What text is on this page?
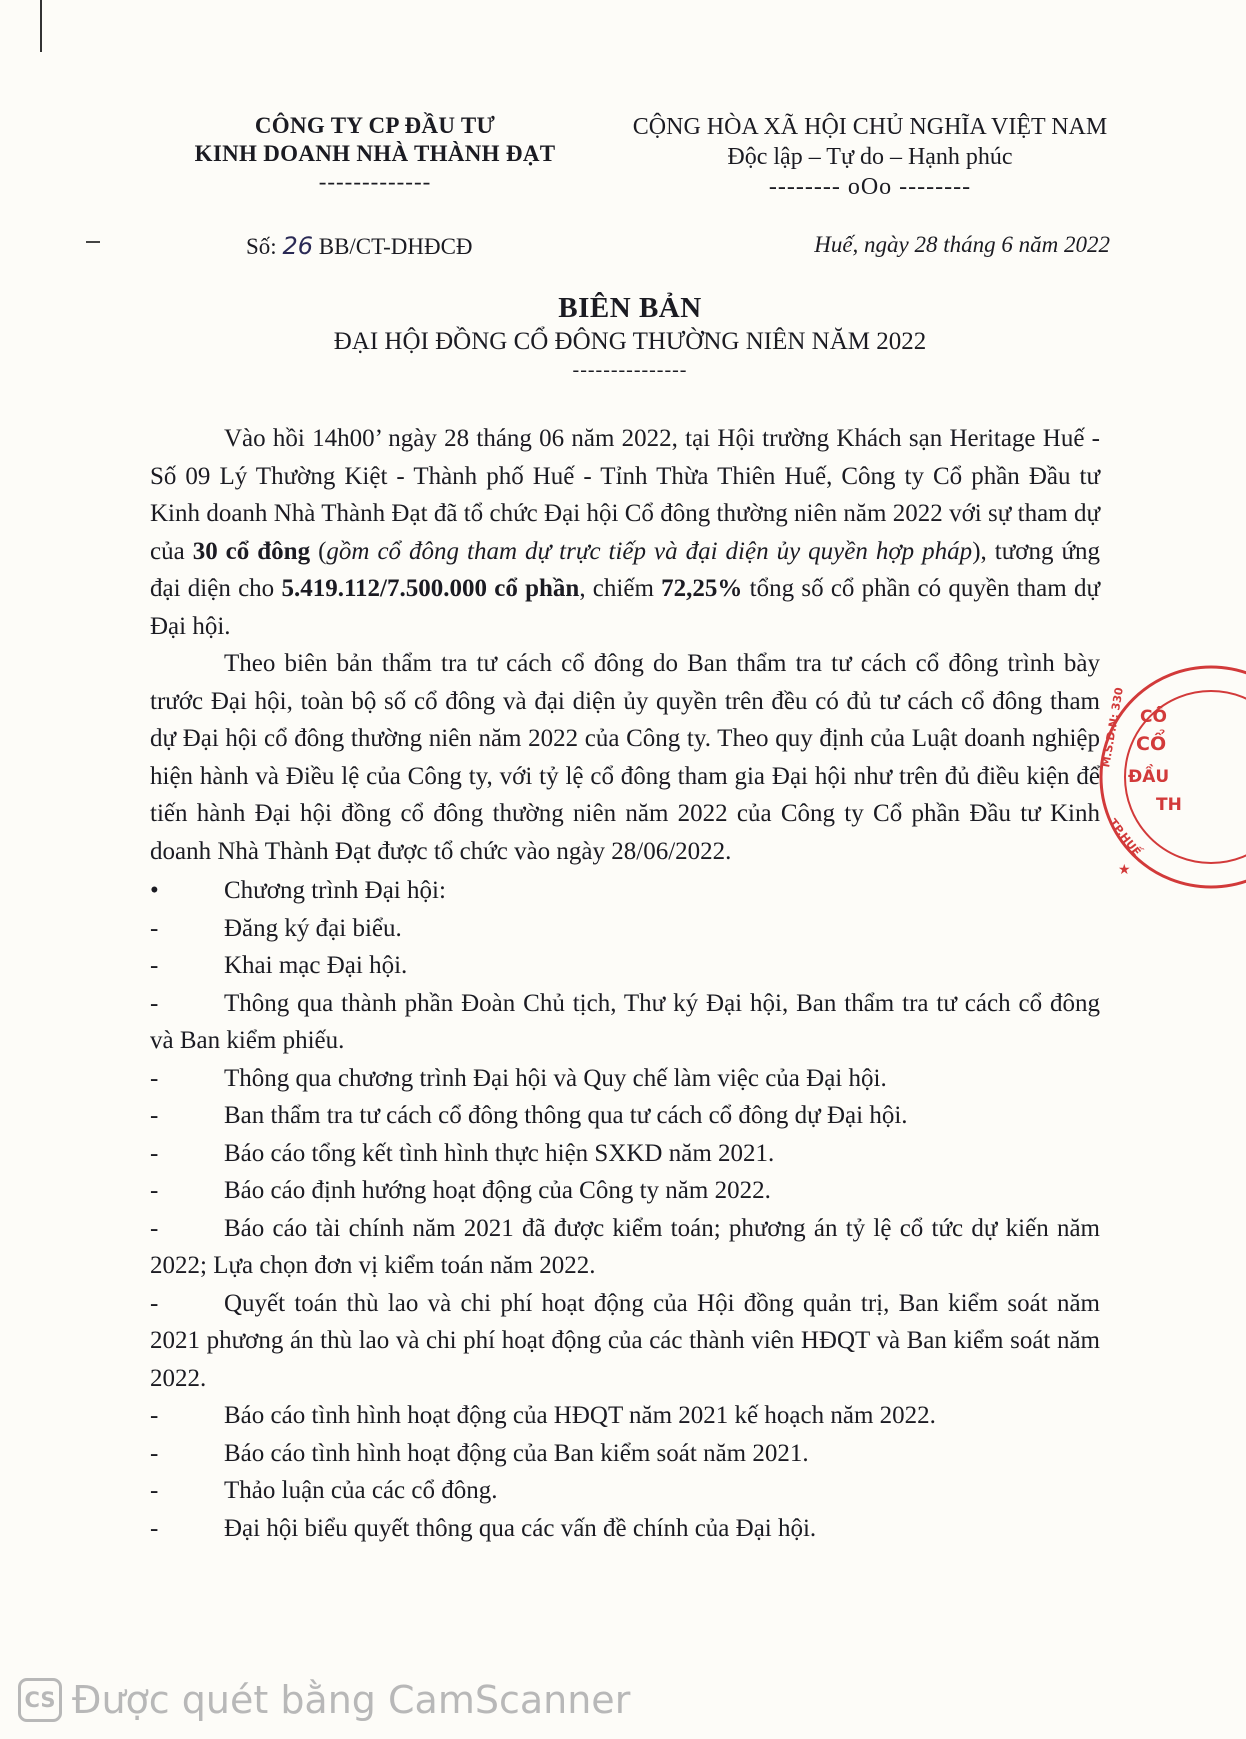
CÔNG TY CP ĐẦU TƯ
KINH DOANH NHÀ THÀNH ĐẠT
-------------
CỘNG HÒA XÃ HỘI CHỦ NGHĨA VIỆT NAM
Độc lập – Tự do – Hạnh phúc
-------- oOo --------
Số: 26 BB/CT-DHĐCĐ	Huế, ngày 28 tháng 6 năm 2022
BIÊN BẢN
ĐẠI HỘI ĐỒNG CỔ ĐÔNG THƯỜNG NIÊN NĂM 2022
---------------

Vào hồi 14h00’ ngày 28 tháng 06 năm 2022, tại Hội trường Khách sạn Heritage Huế - Số 09 Lý Thường Kiệt - Thành phố Huế - Tỉnh Thừa Thiên Huế, Công ty Cổ phần Đầu tư Kinh doanh Nhà Thành Đạt đã tổ chức Đại hội Cổ đông thường niên năm 2022 với sự tham dự của 30 cổ đông (gồm cổ đông tham dự trực tiếp và đại diện ủy quyền hợp pháp), tương ứng đại diện cho 5.419.112/7.500.000 cổ phần, chiếm 72,25% tổng số cổ phần có quyền tham dự Đại hội.

Theo biên bản thẩm tra tư cách cổ đông do Ban thẩm tra tư cách cổ đông trình bày trước Đại hội, toàn bộ số cổ đông và đại diện ủy quyền trên đều có đủ tư cách cổ đông tham dự Đại hội cổ đông thường niên năm 2022 của Công ty. Theo quy định của Luật doanh nghiệp hiện hành và Điều lệ của Công ty, với tỷ lệ cổ đông tham gia Đại hội như trên đủ điều kiện để tiến hành Đại hội đồng cổ đông thường niên năm 2022 của Công ty Cổ phần Đầu tư Kinh doanh Nhà Thành Đạt được tổ chức vào ngày 28/06/2022.

•	Chương trình Đại hội:
-	Đăng ký đại biểu.
-	Khai mạc Đại hội.
-	Thông qua thành phần Đoàn Chủ tịch, Thư ký Đại hội, Ban thẩm tra tư cách cổ đông và Ban kiểm phiếu.
-	Thông qua chương trình Đại hội và Quy chế làm việc của Đại hội.
-	Ban thẩm tra tư cách cổ đông thông qua tư cách cổ đông dự Đại hội.
-	Báo cáo tổng kết tình hình thực hiện SXKD năm 2021.
-	Báo cáo định hướng hoạt động của Công ty năm 2022.
-	Báo cáo tài chính năm 2021 đã được kiểm toán; phương án tỷ lệ cổ tức dự kiến năm 2022; Lựa chọn đơn vị kiểm toán năm 2022.
-	Quyết toán thù lao và chi phí hoạt động của Hội đồng quản trị, Ban kiểm soát năm 2021 phương án thù lao và chi phí hoạt động của các thành viên HĐQT và Ban kiểm soát năm 2022.
-	Báo cáo tình hình hoạt động của HĐQT năm 2021 kế hoạch năm 2022.
-	Báo cáo tình hình hoạt động của Ban kiểm soát năm 2021.
-	Thảo luận của các cổ đông.
-	Đại hội biểu quyết thông qua các vấn đề chính của Đại hội.
M.S.D.N: 330 CÔ
CỔ
ĐẦU
TH
TP.HUẾ
★
CS Được quét bằng CamScanner
